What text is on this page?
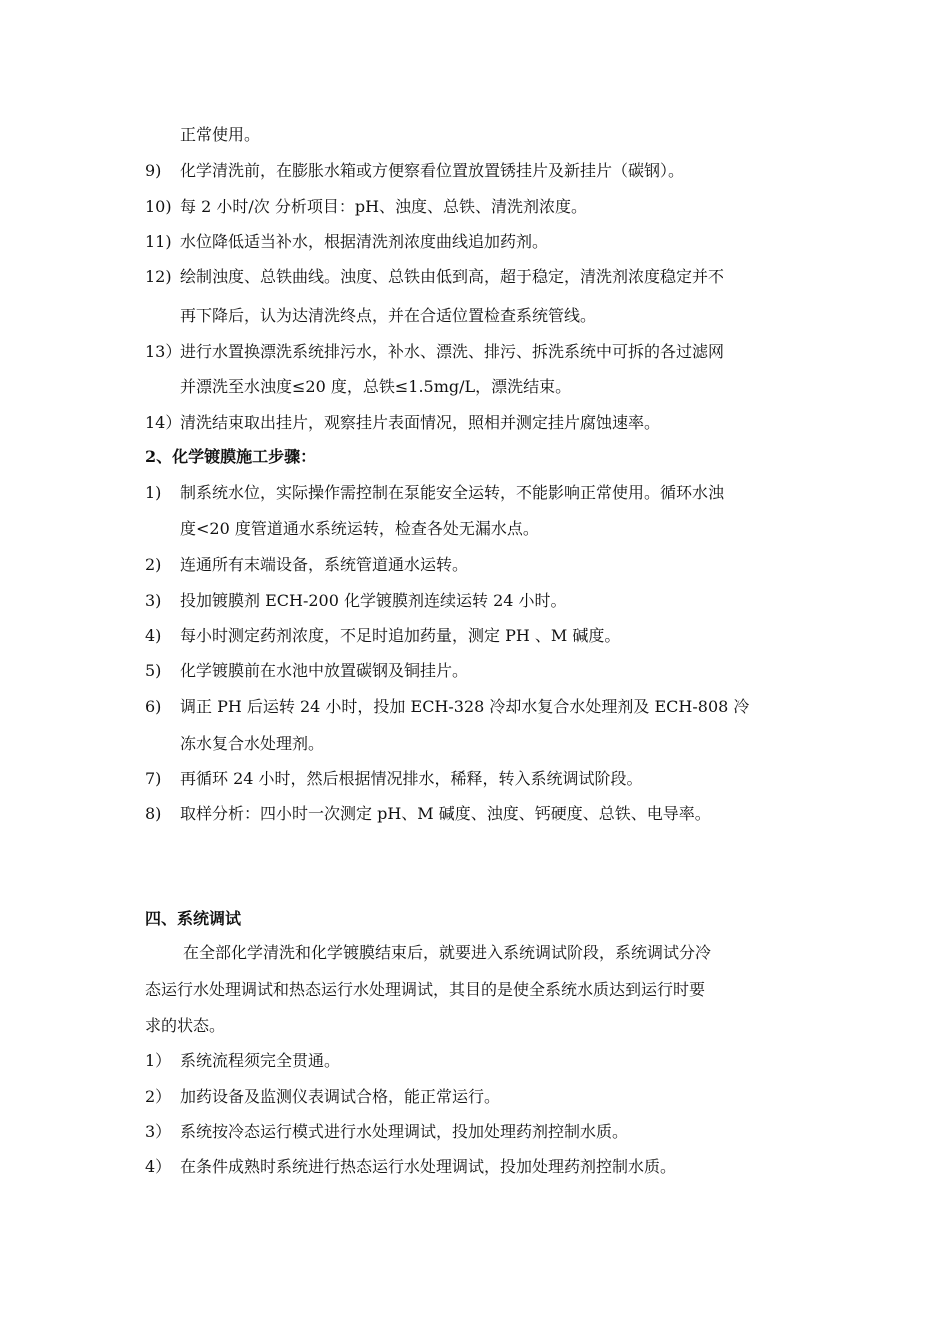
正常使用。
9) 化学清洗前，在膨胀水箱或方便察看位置放置锈挂片及新挂片（碳钢）。
10) 每 2 小时/次 分析项目：pH、浊度、总铁、清洗剂浓度。
11) 水位降低适当补水，根据清洗剂浓度曲线追加药剂。
12) 绘制浊度、总铁曲线。浊度、总铁由低到高，超于稳定，清洗剂浓度稳定并不
再下降后，认为达清洗终点，并在合适位置检查系统管线。
13）
进行水置换漂洗系统排污水，补水、漂洗、排污、拆洗系统中可拆的各过滤网
并漂洗至水浊度≤20 度，总铁≤1.5mg/L，漂洗结束。
14）
清洗结束取出挂片，观察挂片表面情况，照相并测定挂片腐蚀速率。
2、化学镀膜施工步骤：
1) 制系统水位，实际操作需控制在泵能安全运转，不能影响正常使用。循环水浊
度<20 度管道通水系统运转，检查各处无漏水点。
2) 连通所有末端设备，系统管道通水运转。
3) 投加镀膜剂 ECH-200 化学镀膜剂连续运转 24 小时。
4) 每小时测定药剂浓度，不足时追加药量，测定 PH 、M 碱度。
5) 化学镀膜前在水池中放置碳钢及铜挂片。
6) 调正 PH 后运转 24 小时，投加 ECH-328 冷却水复合水处理剂及 ECH-808 冷
冻水复合水处理剂。
7) 再循环 24 小时，然后根据情况排水，稀释，转入系统调试阶段。
8) 取样分析：四小时一次测定 pH、M 碱度、浊度、钙硬度、总铁、电导率。
四、系统调试
在全部化学清洗和化学镀膜结束后，就要进入系统调试阶段，系统调试分冷
态运行水处理调试和热态运行水处理调试，其目的是使全系统水质达到运行时要
求的状态。
1） 系统流程须完全贯通。
2） 加药设备及监测仪表调试合格，能正常运行。
3） 系统按冷态运行模式进行水处理调试，投加处理药剂控制水质。
4） 在条件成熟时系统进行热态运行水处理调试，投加处理药剂控制水质。
